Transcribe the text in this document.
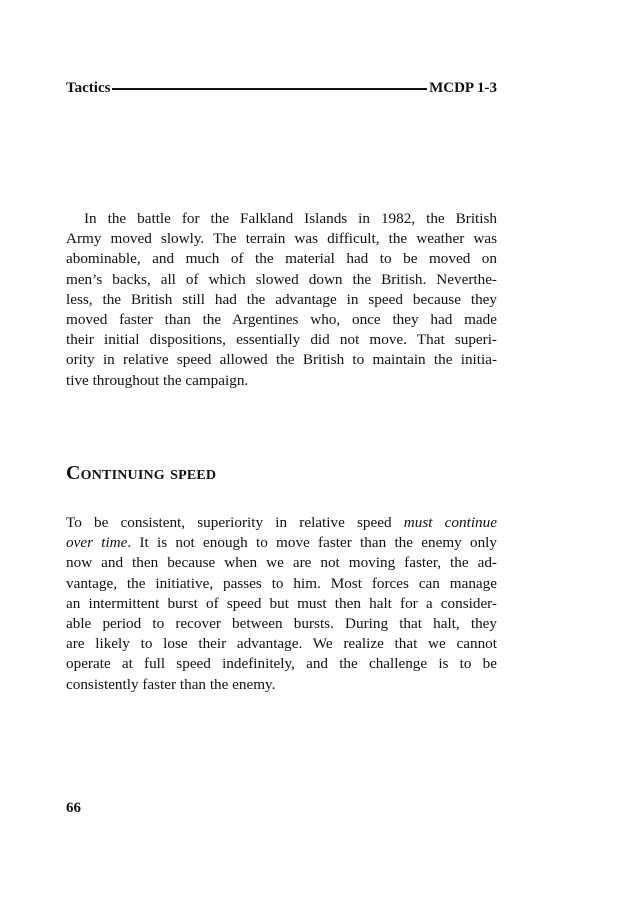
Tactics	MCDP 1-3

In the battle for the Falkland Islands in 1982, the British
Army moved slowly. The terrain was difficult, the weather was
abominable, and much of the material had to be moved on
men’s backs, all of which slowed down the British. Neverthe-
less, the British still had the advantage in speed because they
moved faster than the Argentines who, once they had made
their initial dispositions, essentially did not move. That superi-
ority in relative speed allowed the British to maintain the initia-
tive throughout the campaign.

Continuing speed

To be consistent, superiority in relative speed must continue
over time. It is not enough to move faster than the enemy only
now and then because when we are not moving faster, the ad-
vantage, the initiative, passes to him. Most forces can manage
an intermittent burst of speed but must then halt for a consider-
able period to recover between bursts. During that halt, they
are likely to lose their advantage. We realize that we cannot
operate at full speed indefinitely, and the challenge is to be
consistently faster than the enemy.

66
